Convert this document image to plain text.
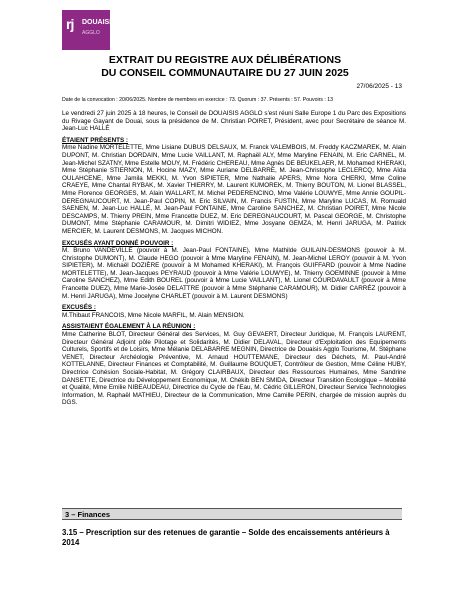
rj DOUAISIS
AGGLO
EXTRAIT DU REGISTRE AUX DÉLIBÉRATIONS
DU CONSEIL COMMUNAUTAIRE DU 27 JUIN 2025
27/06/2025 - 13
Date de la convocation : 20/06/2025. Nombre de membres en exercice : 73. Quorum : 37. Présents : 57. Pouvoirs : 13

Le vendredi 27 juin 2025 à 18 heures, le Conseil de DOUAISIS AGGLO s'est réuni Salle Europe 1 du Parc des Expositions du Rivage Gayant de Douai, sous la présidence de M. Christian POIRET, Président, avec pour Secrétaire de séance M. Jean-Luc HALLÉ

ÉTAIENT PRÉSENTS :

Mme Nadine MORTELETTE, Mme Lisiane DUBUS DELSAUX, M. Franck VALEMBOIS, M. Freddy KACZMAREK, M. Alain DUPONT, M. Christian DORDAIN, Mme Lucie VAILLANT, M. Raphaël ALY, Mme Maryline FENAIN, M. Eric CARNEL, M. Jean-Michel SZATNY, Mme Estelle MOUY, M. Frédéric CHEREAU, Mme Agnès DE BEUKELAER, M. Mohamed KHERAKI, Mme Stéphanie STIERNON, M. Hocine MAZY, Mme Auriane DELBARRE, M. Jean-Christophe LECLERCQ, Mme Aïda OULAHCENE, Mme Jamila MEKKI, M. Yvon SIPIETER, Mme Nathalie APERS, Mme Nora CHERKI, Mme Coline CRAEYE, Mme Chantal RYBAK, M. Xavier THIERRY, M. Laurent KUMOREK, M. Thierry BOUTON, M. Lionel BLASSEL, Mme Florence GEORGES, M. Alain WALLART, M. Michel PEDERENCINO, Mme Valérie LOUWYE, Mme Annie GOUPIL-DEREGNAUCOURT, M. Jean-Paul COPIN, M. Eric SILVAIN, M. Francis FUSTIN, Mme Maryline LUCAS, M. Romuald SAENEN, M. Jean-Luc HALLÉ, M. Jean-Paul FONTAINE, Mme Caroline SANCHEZ, M. Christian POIRET, Mme Nicole DESCAMPS, M. Thierry PREIN, Mme Francette DUEZ, M. Eric DEREGNAUCOURT, M. Pascal GEORGE, M. Christophe DUMONT, Mme Stéphanie CARAMOUR, M. Dimitri WIDIEZ, Mme Josyane GEMZA, M. Henri JARUGA, M. Patrick MERCIER, M. Laurent DESMONS, M. Jacques MICHON.

EXCUSÉS AYANT DONNÉ POUVOIR :

M. Bruno VANDEVILLE (pouvoir à M. Jean-Paul FONTAINE), Mme Mathilde GUILAIN-DESMONS (pouvoir à M. Christophe DUMONT), M. Claude HEGO (pouvoir à Mme Maryline FENAIN), M. Jean-Michel LEROY (pouvoir à M. Yvon SIPIETER), M. Michaël DOZIÈRE (pouvoir à M Mohamed KHERAKI), M. François GUIFFARD (pouvoir à Mme Nadine MORTELETTE), M. Jean-Jacques PEYRAUD (pouvoir à Mme Valérie LOUWYE), M. Thierry GOEMINNE (pouvoir à Mme Caroline SANCHEZ), Mme Edith BOUREL (pouvoir à Mme Lucie VAILLANT), M. Lionel COURDAVAULT (pouvoir à Mme Francette DUEZ), Mme Marie-Josée DELATTRE (pouvoir à Mme Stéphanie CARAMOUR), M. Didier CARRÉZ (pouvoir à M. Henri JARUGA), Mme Jocelyne CHARLET (pouvoir à M. Laurent DESMONS)

EXCUSÉS :

M.Thibaut FRANCOIS, Mme Nicole MARFIL, M. Alain MENSION.

ASSISTAIENT ÉGALEMENT À LA RÉUNION :

Mme Catherine BLOT, Directeur Général des Services, M. Guy GEVAERT, Directeur Juridique, M. François LAURENT, Directeur Général Adjoint pôle Pilotage et Solidarités, M. Didier DELAVAL, Directeur d'Exploitation des Equipements Culturels, Sportifs et de Loisirs, Mme Mélanie DELABARRE MEGNIN, Directrice de Douaisis Agglo Tourisme, M. Stéphane VENET, Directeur Archéologie Préventive, M. Arnaud HOUTTEMANE, Directeur des Déchets, M. Paul-André KOTTELANNE, Directeur Finances et Comptabilité, M. Guillaume BOUQUET, Contrôleur de Gestion, Mme Céline HUBY, Directrice Cohésion Sociale-Habitat, M. Grégory CLAIRBAUX, Directeur des Ressources Humaines, Mme Sandrine DANSETTE, Directrice du Développement Economique, M. Chékib BEN SMIDA, Directeur Transition Ecologique – Mobilité et Qualité, Mme Emilie NIBEAUDEAU, Directrice du Cycle de l'Eau, M. Cédric GILLERON, Directeur Service Technologies Information, M. Raphaël MATHIEU, Directeur de la Communication, Mme Camille PERIN, chargée de mission auprès du DGS.

3 – Finances
3.15 – Prescription sur des retenues de garantie – Solde des encaissements antérieurs à 2014
